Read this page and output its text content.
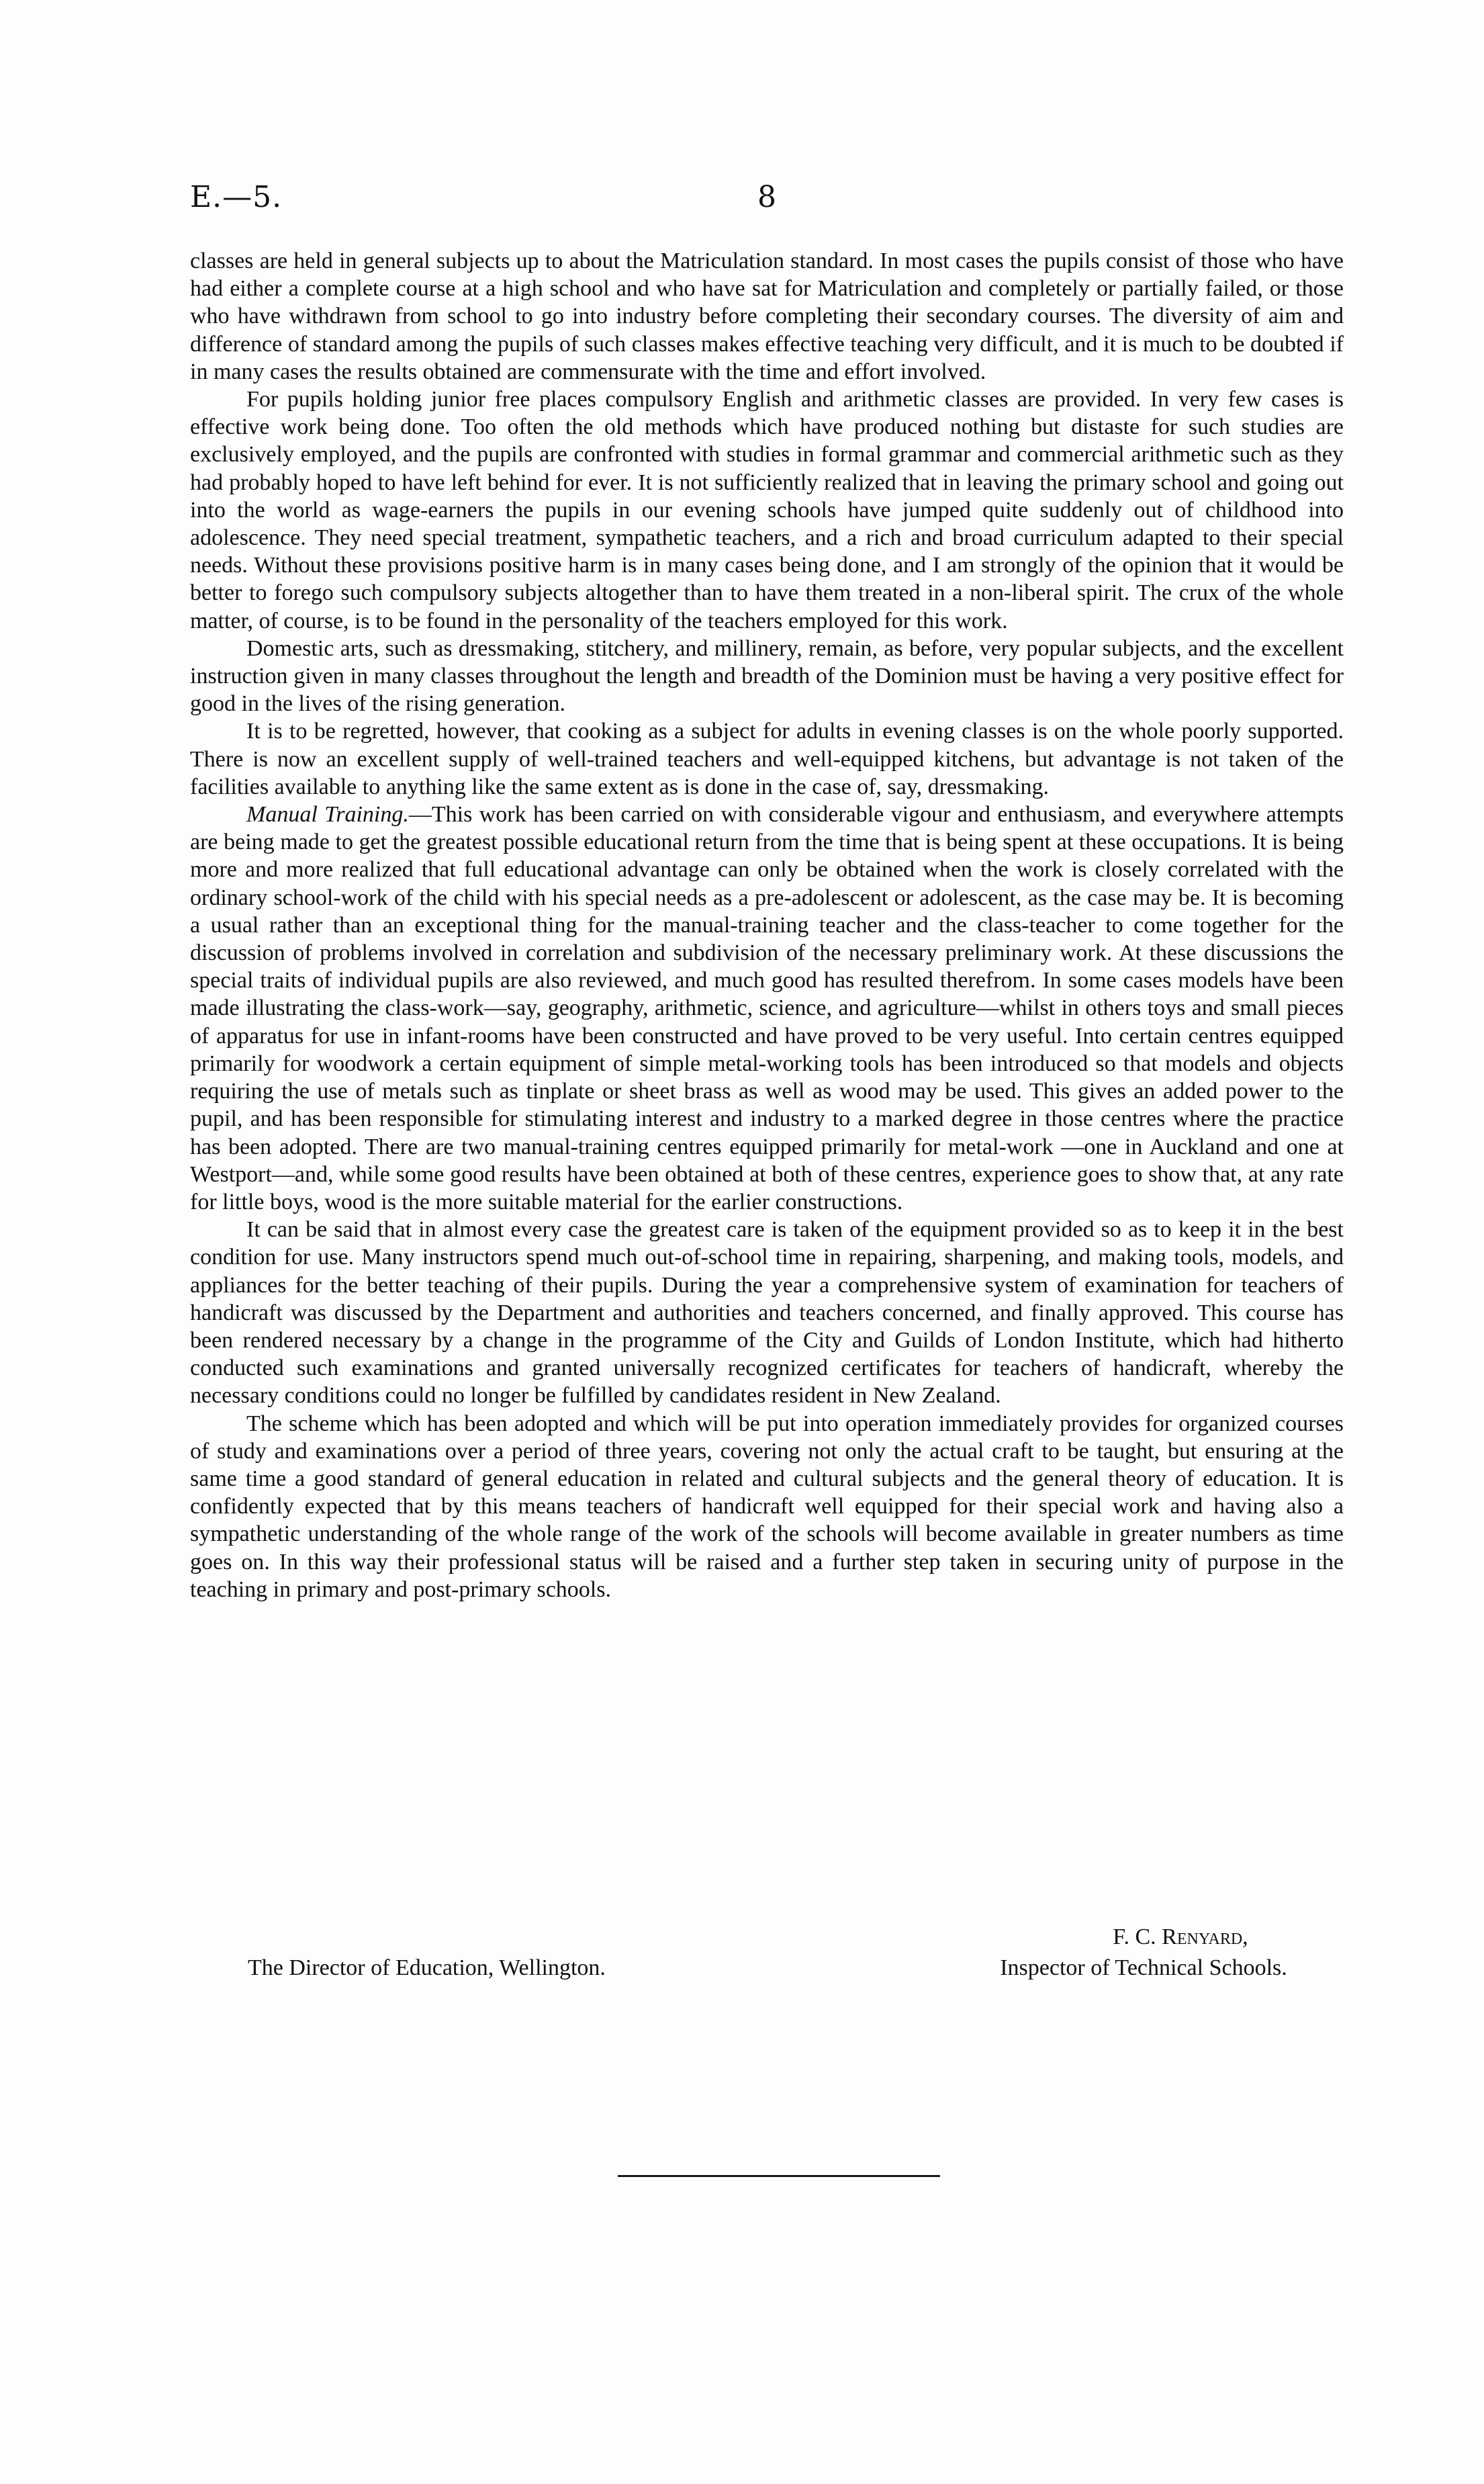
E.—5.	8

classes are held in general subjects up to about the Matriculation standard. In most cases the pupils consist of those who have had either a complete course at a high school and who have sat for Matriculation and completely or partially failed, or those who have withdrawn from school to go into industry before completing their secondary courses. The diversity of aim and difference of standard among the pupils of such classes makes effective teaching very difficult, and it is much to be doubted if in many cases the results obtained are commensurate with the time and effort involved.

For pupils holding junior free places compulsory English and arithmetic classes are provided. In very few cases is effective work being done. Too often the old methods which have produced nothing but distaste for such studies are exclusively employed, and the pupils are confronted with studies in formal grammar and commercial arithmetic such as they had probably hoped to have left behind for ever. It is not sufficiently realized that in leaving the primary school and going out into the world as wage-earners the pupils in our evening schools have jumped quite suddenly out of childhood into adolescence. They need special treatment, sympathetic teachers, and a rich and broad curriculum adapted to their special needs. Without these provisions positive harm is in many cases being done, and I am strongly of the opinion that it would be better to forego such compulsory subjects altogether than to have them treated in a non-liberal spirit. The crux of the whole matter, of course, is to be found in the personality of the teachers employed for this work.

Domestic arts, such as dressmaking, stitchery, and millinery, remain, as before, very popular subjects, and the excellent instruction given in many classes throughout the length and breadth of the Dominion must be having a very positive effect for good in the lives of the rising generation.

It is to be regretted, however, that cooking as a subject for adults in evening classes is on the whole poorly supported. There is now an excellent supply of well-trained teachers and well-equipped kitchens, but advantage is not taken of the facilities available to anything like the same extent as is done in the case of, say, dressmaking.

Manual Training.—This work has been carried on with considerable vigour and enthusiasm, and everywhere attempts are being made to get the greatest possible educational return from the time that is being spent at these occupations. It is being more and more realized that full educational advantage can only be obtained when the work is closely correlated with the ordinary school-work of the child with his special needs as a pre-adolescent or adolescent, as the case may be. It is becoming a usual rather than an exceptional thing for the manual-training teacher and the class-teacher to come together for the discussion of problems involved in correlation and subdivision of the necessary preliminary work. At these discussions the special traits of individual pupils are also reviewed, and much good has resulted therefrom. In some cases models have been made illustrating the class-work—say, geography, arithmetic, science, and agriculture—whilst in others toys and small pieces of apparatus for use in infant-rooms have been constructed and have proved to be very useful. Into certain centres equipped primarily for woodwork a certain equipment of simple metal-working tools has been introduced so that models and objects requiring the use of metals such as tinplate or sheet brass as well as wood may be used. This gives an added power to the pupil, and has been responsible for stimulating interest and industry to a marked degree in those centres where the practice has been adopted. There are two manual-training centres equipped primarily for metal-work —one in Auckland and one at Westport—and, while some good results have been obtained at both of these centres, experience goes to show that, at any rate for little boys, wood is the more suitable material for the earlier constructions.

It can be said that in almost every case the greatest care is taken of the equipment provided so as to keep it in the best condition for use. Many instructors spend much out-of-school time in repairing, sharpening, and making tools, models, and appliances for the better teaching of their pupils. During the year a comprehensive system of examination for teachers of handicraft was discussed by the Department and authorities and teachers concerned, and finally approved. This course has been rendered necessary by a change in the programme of the City and Guilds of London Institute, which had hitherto conducted such examinations and granted universally recognized certificates for teachers of handicraft, whereby the necessary conditions could no longer be fulfilled by candidates resident in New Zealand.

The scheme which has been adopted and which will be put into operation immediately provides for organized courses of study and examinations over a period of three years, covering not only the actual craft to be taught, but ensuring at the same time a good standard of general education in related and cultural subjects and the general theory of education. It is confidently expected that by this means teachers of handicraft well equipped for their special work and having also a sympathetic understanding of the whole range of the work of the schools will become available in greater numbers as time goes on. In this way their professional status will be raised and a further step taken in securing unity of purpose in the teaching in primary and post-primary schools.

F. C. Renyard,
The Director of Education, Wellington.	Inspector of Technical Schools.
